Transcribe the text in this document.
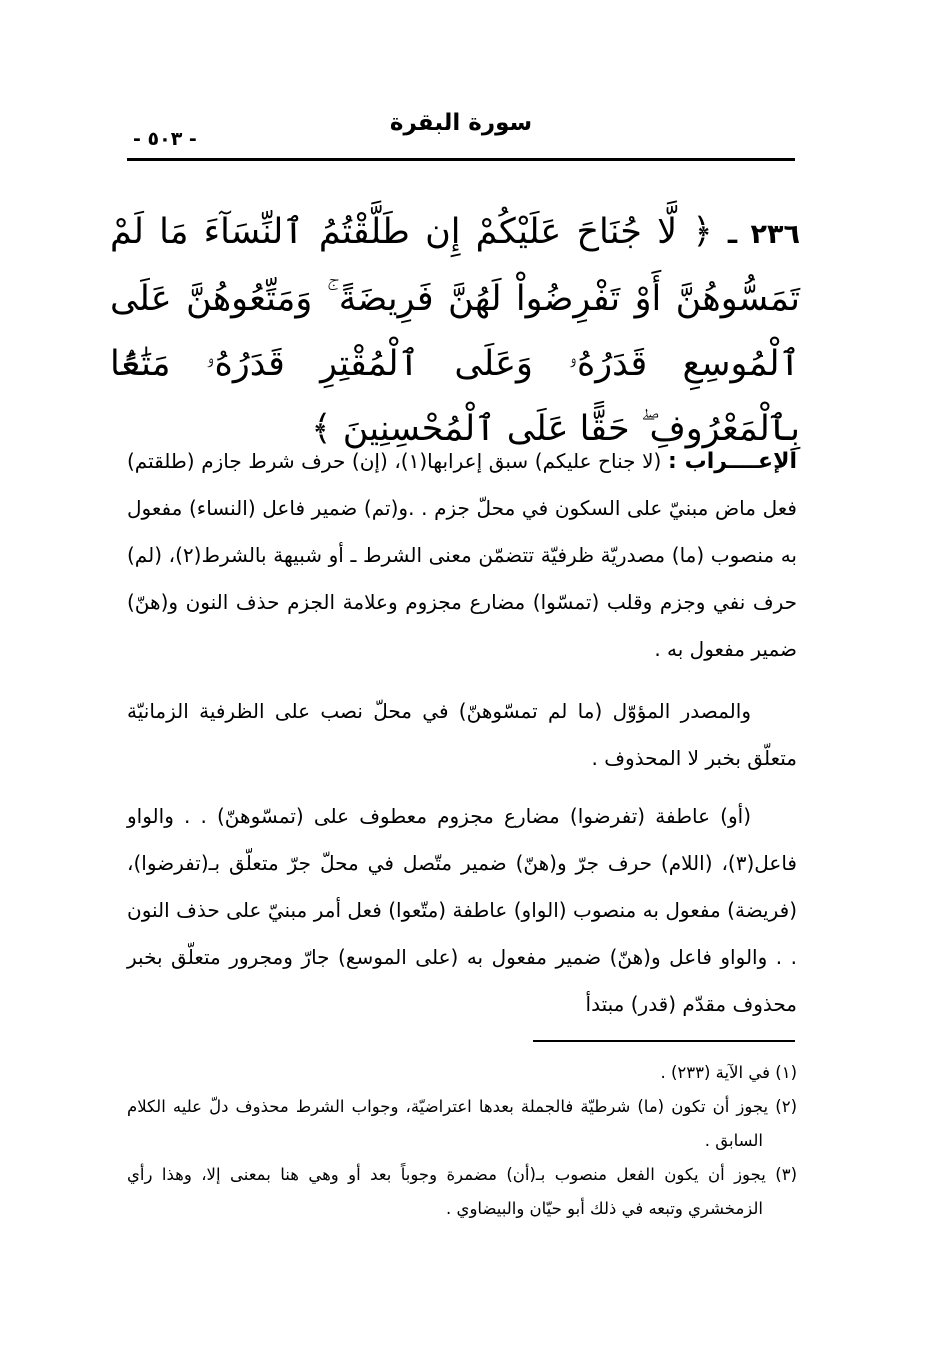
سورة البقرة
- ٥٠٣ -
٢٣٦ ـ ﴿ لَّا جُنَاحَ عَلَيْكُمْ إِن طَلَّقْتُمُ ٱلنِّسَآءَ مَا لَمْ تَمَسُّوهُنَّ أَوْ تَفْرِضُواْ لَهُنَّ فَرِيضَةً ۚ وَمَتِّعُوهُنَّ عَلَى ٱلْمُوسِعِ قَدَرُهُۥ وَعَلَى ٱلْمُقْتِرِ قَدَرُهُۥ مَتَٰعًۢا بِٱلْمَعْرُوفِ ۖ حَقًّا عَلَى ٱلْمُحْسِنِينَ ﴾
الإعــــراب : (لا جناح عليكم) سبق إعرابها(١)، (إن) حرف شرط جازم (طلقتم) فعل ماض مبنيّ على السكون في محلّ جزم . .و(تم) ضمير فاعل (النساء) مفعول به منصوب (ما) مصدريّة ظرفيّة تتضمّن معنى الشرط ـ أو شبيهة بالشرط(٢)، (لم) حرف نفي وجزم وقلب (تمسّوا) مضارع مجزوم وعلامة الجزم حذف النون و(هنّ) ضمير مفعول به .
والمصدر المؤوّل (ما لم تمسّوهنّ) في محلّ نصب على الظرفية الزمانيّة متعلّق بخبر لا المحذوف .
(أو) عاطفة (تفرضوا) مضارع مجزوم معطوف على (تمسّوهنّ) . . والواو فاعل(٣)، (اللام) حرف جرّ و(هنّ) ضمير متّصل في محلّ جرّ متعلّق بـ(تفرضوا)، (فريضة) مفعول به منصوب (الواو) عاطفة (متّعوا) فعل أمر مبنيّ على حذف النون . . والواو فاعل و(هنّ) ضمير مفعول به (على الموسع) جارّ ومجرور متعلّق بخبر محذوف مقدّم (قدر) مبتدأ
(١) في الآية (٢٣٣) .
(٢) يجوز أن تكون (ما) شرطيّة فالجملة بعدها اعتراضيّة، وجواب الشرط محذوف دلّ عليه الكلام السابق .
(٣) يجوز أن يكون الفعل منصوب بـ(أن) مضمرة وجوباً بعد أو وهي هنا بمعنى إلا، وهذا رأي الزمخشري وتبعه في ذلك أبو حيّان والبيضاوي .
